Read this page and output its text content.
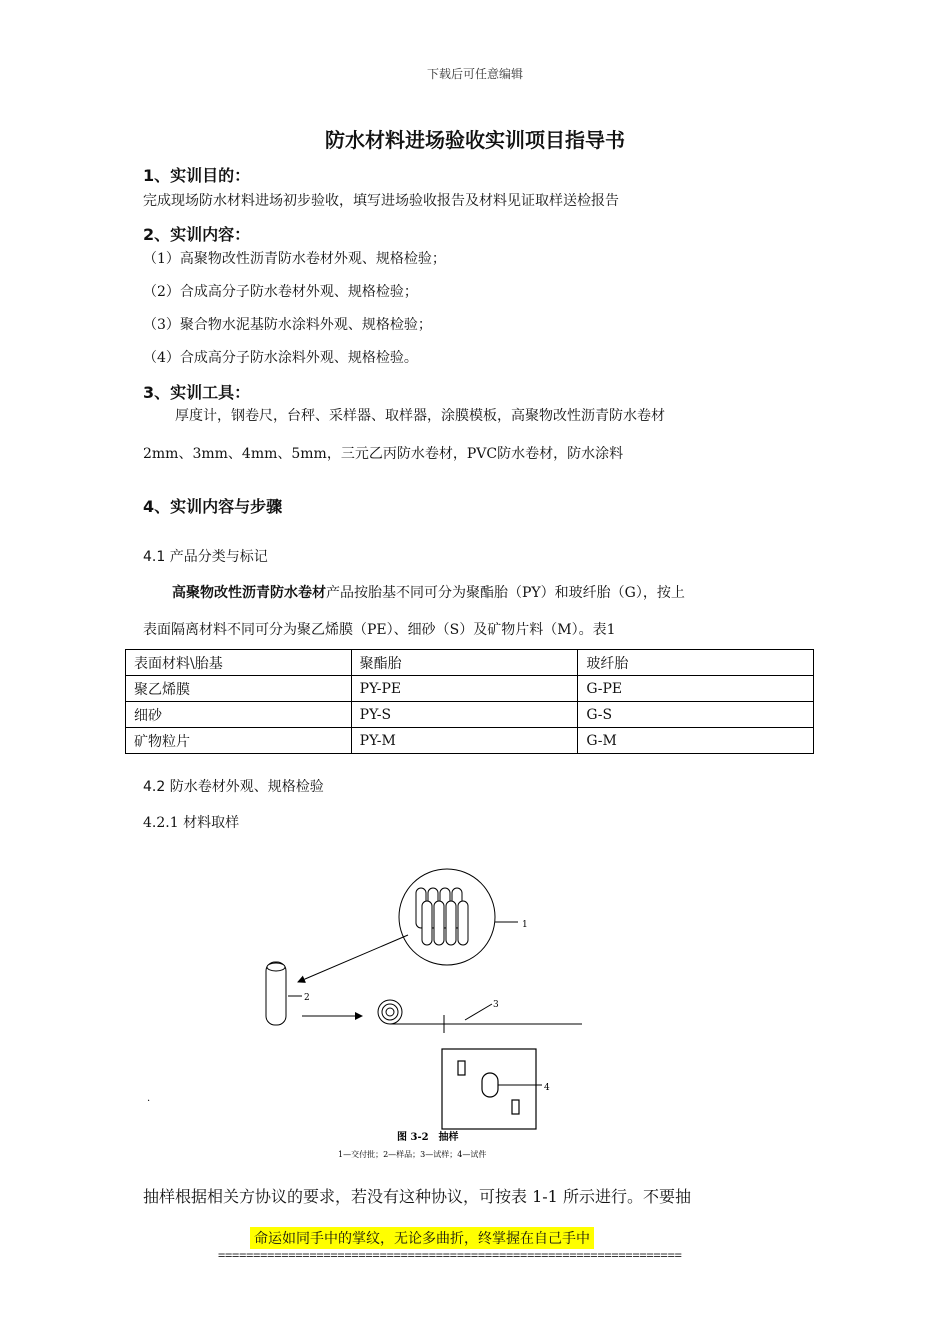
下载后可任意编辑
防水材料进场验收实训项目指导书
1、实训目的：
完成现场防水材料进场初步验收，填写进场验收报告及材料见证取样送检报告
2、实训内容：
（1）高聚物改性沥青防水卷材外观、规格检验；
（2）合成高分子防水卷材外观、规格检验；
（3）聚合物水泥基防水涂料外观、规格检验；
（4）合成高分子防水涂料外观、规格检验。
3、实训工具：
厚度计，钢卷尺，台秤、采样器、取样器，涂膜模板，高聚物改性沥青防水卷材
2mm、3mm、4mm、5mm，三元乙丙防水卷材，PVC防水卷材，防水涂料
4、实训内容与步骤
4.1 产品分类与标记
高聚物改性沥青防水卷材产品按胎基不同可分为聚酯胎（PY）和玻纤胎（G），按上
表面隔离材料不同可分为聚乙烯膜（PE）、细砂（S）及矿物片料（M）。表1
表面材料\胎基	聚酯胎	玻纤胎
聚乙烯膜	PY-PE	G-PE
细砂	PY-S	G-S
矿物粒片	PY-M	G-M
4.2 防水卷材外观、规格检验
4.2.1 材料取样
1
2
3
4
.
图 3-2　抽样
1—交付批；2—样品；3—试样；4—试件
抽样根据相关方协议的要求，若没有这种协议，可按表 1-1 所示进行。不要抽
命运如同手中的掌纹，无论多曲折，终掌握在自己手中
==================================================================
